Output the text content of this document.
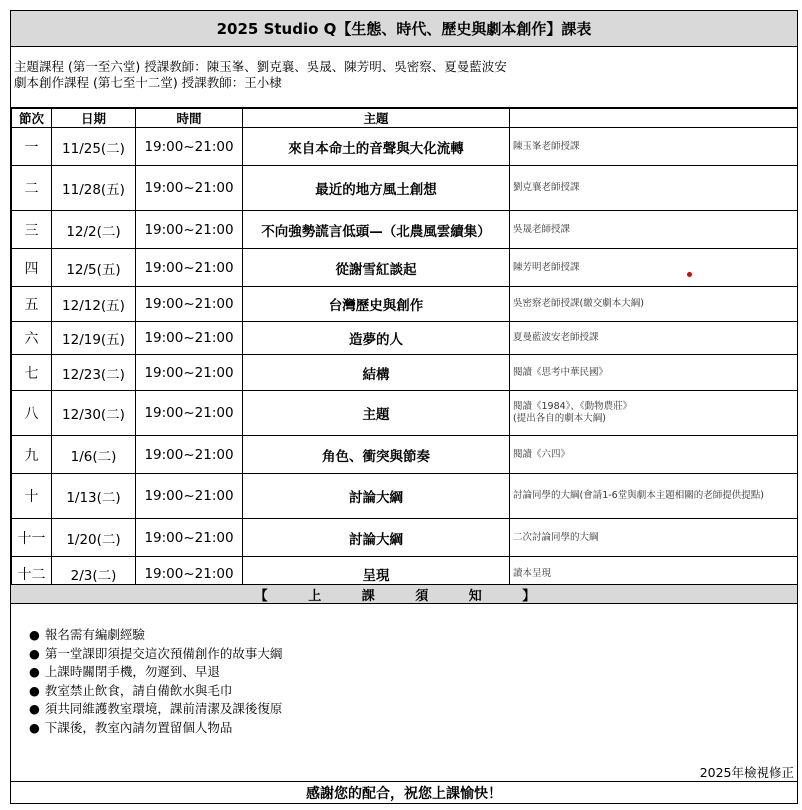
2025 Studio Q【生態、時代、歷史與劇本創作】課表
主題課程 (第一至六堂) 授課教師：陳玉峯、劉克襄、吳晟、陳芳明、吳密察、夏曼藍波安
劇本創作課程 (第七至十二堂) 授課教師：王小棣
節次	日期	時間	主題	
一	11/25(二)	19:00~21:00	來自本命土的音聲與大化流轉	陳玉峯老師授課
二	11/28(五)	19:00~21:00	最近的地方風土創想	劉克襄老師授課
三	12/2(二)	19:00~21:00	不向強勢謊言低頭—（北農風雲續集）	吳晟老師授課
四	12/5(五)	19:00~21:00	從謝雪紅談起	陳芳明老師授課
五	12/12(五)	19:00~21:00	台灣歷史與創作	吳密察老師授課(繳交劇本大綱)
六	12/19(五)	19:00~21:00	造夢的人	夏曼藍波安老師授課
七	12/23(二)	19:00~21:00	結構	閱讀《思考中華民國》
八	12/30(二)	19:00~21:00	主題	閱讀《1984》、《動物農莊》
(提出各自的劇本大綱)
九	1/6(二)	19:00~21:00	角色、衝突與節奏	閱讀《六四》
十	1/13(二)	19:00~21:00	討論大綱	討論同學的大綱(會請1-6堂與劇本主題相關的老師提供提點)
十一	1/20(二)	19:00~21:00	討論大綱	二次討論同學的大綱
十二	2/3(二)	19:00~21:00	呈現	讀本呈現
【 上 課 須 知 】
● 報名需有編劇經驗
● 第一堂課即須提交這次預備創作的故事大綱
● 上課時關閉手機，勿遲到、早退
● 教室禁止飲食，請自備飲水與毛巾
● 須共同維護教室環境，課前清潔及課後復原
● 下課後，教室內請勿置留個人物品
2025年檢視修正
感謝您的配合，祝您上課愉快！
